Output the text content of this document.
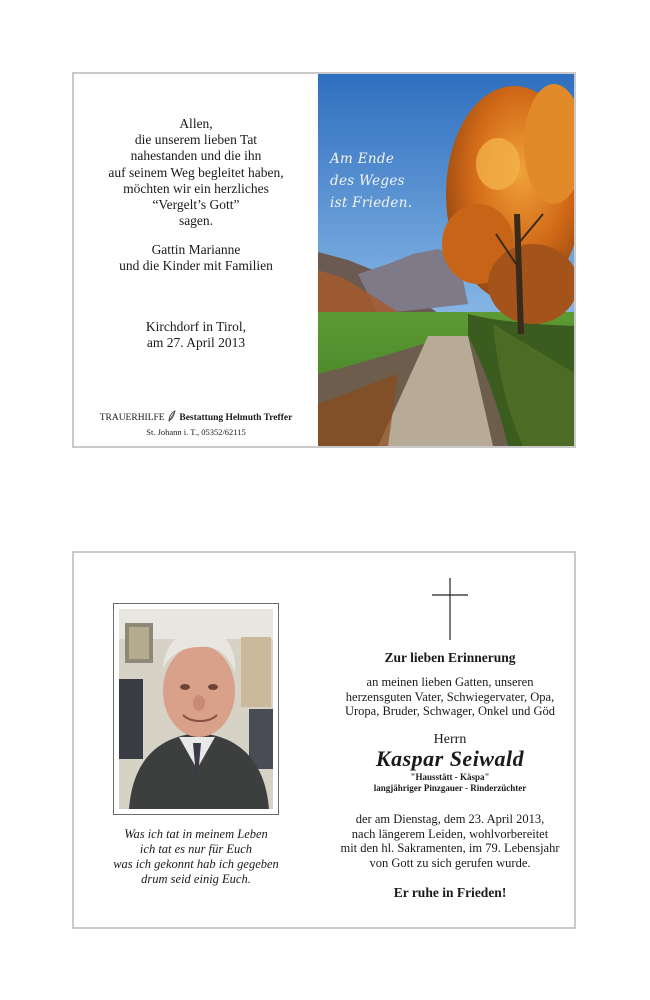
Allen,
die unserem lieben Tat
nahestanden und die ihn
auf seinem Weg begleitet haben,
möchten wir ein herzliches
“Vergelt’s Gott”
sagen.
Gattin Marianne
und die Kinder mit Familien
Kirchdorf in Tirol,
am 27. April 2013
TRAUERHILFE Bestattung Helmuth Treffer
St. Johann i. T., 05352/62115
Am Ende
des Weges
ist Frieden.
Was ich tat in meinem Leben
ich tat es nur für Euch
was ich gekonnt hab ich gegeben
drum seid einig Euch.
Zur lieben Erinnerung
an meinen lieben Gatten, unseren
herzensguten Vater, Schwiegervater, Opa,
Uropa, Bruder, Schwager, Onkel und Göd
Herrn
Kaspar Seiwald
"Hausstätt - Käspa"
langjähriger Pinzgauer - Rinderzüchter
der am Dienstag, dem 23. April 2013,
nach längerem Leiden, wohlvorbereitet
mit den hl. Sakramenten, im 79. Lebensjahr
von Gott zu sich gerufen wurde.
Er ruhe in Frieden!
